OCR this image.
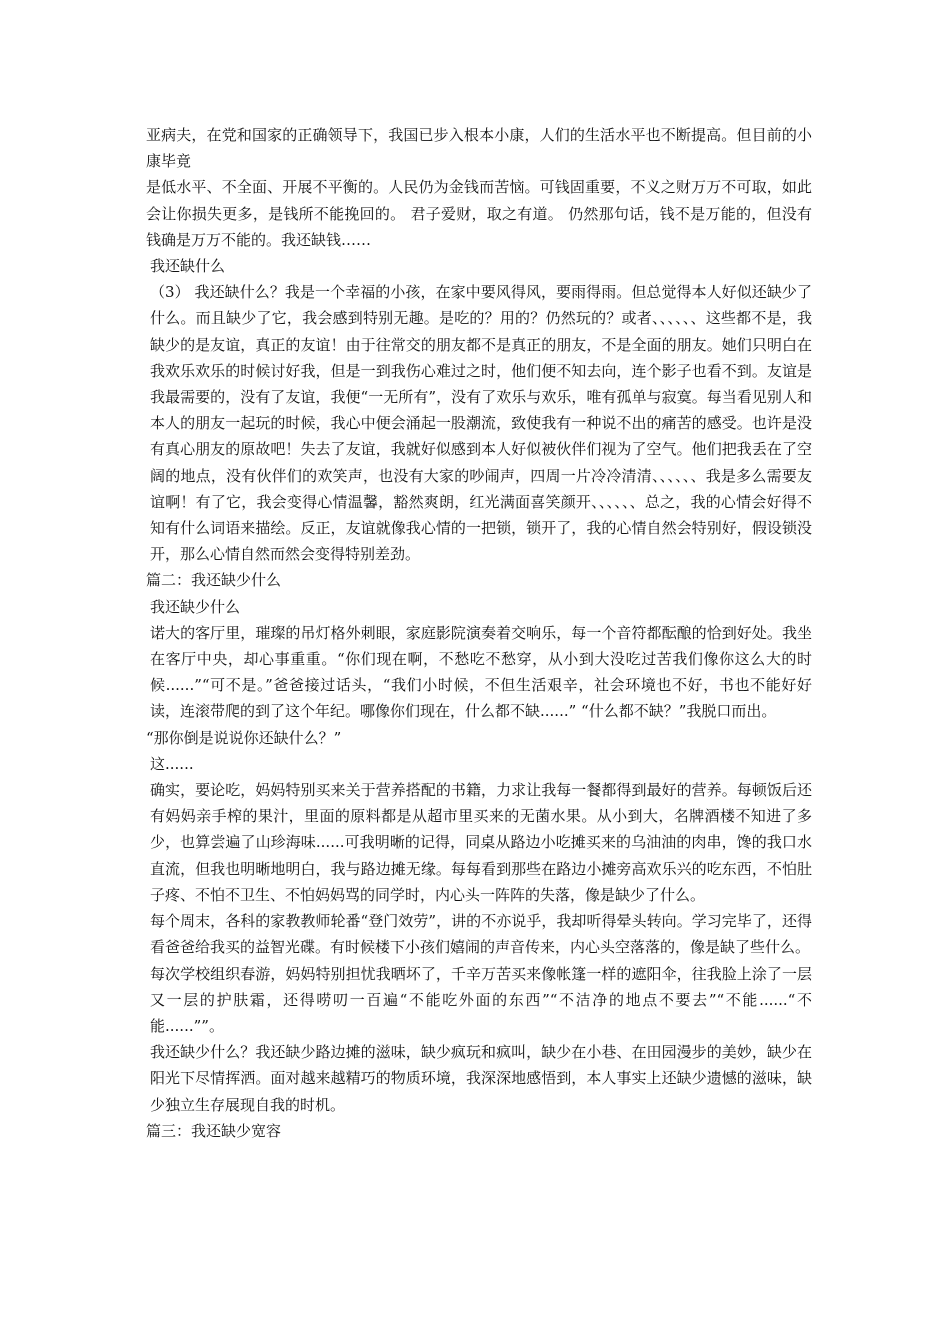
亚病夫，在党和国家的正确领导下，我国已步入根本小康，人们的生活水平也不断提高。但目前的小康毕竟

是低水平、不全面、开展不平衡的。人民仍为金钱而苦恼。可钱固重要，不义之财万万不可取，如此会让你损失更多，是钱所不能挽回的。 君子爱财，取之有道。 仍然那句话，钱不是万能的，但没有钱确是万万不能的。我还缺钱……

我还缺什么

（3） 我还缺什么？我是一个幸福的小孩，在家中要风得风，要雨得雨。但总觉得本人好似还缺少了什么。而且缺少了它，我会感到特别无趣。是吃的？用的？仍然玩的？或者、、、、、、这些都不是，我缺少的是友谊，真正的友谊！由于往常交的朋友都不是真正的朋友，不是全面的朋友。她们只明白在我欢乐欢乐的时候讨好我，但是一到我伤心难过之时，他们便不知去向，连个影子也看不到。友谊是我最需要的，没有了友谊，我便“一无所有”，没有了欢乐与欢乐，唯有孤单与寂寞。每当看见别人和本人的朋友一起玩的时候，我心中便会涌起一股潮流，致使我有一种说不出的痛苦的感受。也许是没有真心朋友的原故吧！失去了友谊，我就好似感到本人好似被伙伴们视为了空气。他们把我丢在了空阔的地点，没有伙伴们的欢笑声，也没有大家的吵闹声，四周一片冷冷清清、、、、、、我是多么需要友谊啊！有了它，我会变得心情温馨，豁然爽朗，红光满面喜笑颜开、、、、、、总之，我的心情会好得不知有什么词语来描绘。反正，友谊就像我心情的一把锁，锁开了，我的心情自然会特别好，假设锁没开，那么心情自然而然会变得特别差劲。

篇二：我还缺少什么

我还缺少什么

诺大的客厅里，璀璨的吊灯格外刺眼，家庭影院演奏着交响乐，每一个音符都酝酿的恰到好处。我坐在客厅中央，却心事重重。“你们现在啊，不愁吃不愁穿，从小到大没吃过苦我们像你这么大的时候......”“可不是。”爸爸接过话头，“我们小时候，不但生活艰辛，社会环境也不好，书也不能好好读，连滚带爬的到了这个年纪。哪像你们现在，什么都不缺......” “什么都不缺？”我脱口而出。

“那你倒是说说你还缺什么？”

这......

确实，要论吃，妈妈特别买来关于营养搭配的书籍，力求让我每一餐都得到最好的营养。每顿饭后还有妈妈亲手榨的果汁，里面的原料都是从超市里买来的无菌水果。从小到大，名牌酒楼不知进了多少，也算尝遍了山珍海味......可我明晰的记得，同桌从路边小吃摊买来的乌油油的肉串，馋的我口水直流，但我也明晰地明白，我与路边摊无缘。每每看到那些在路边小摊旁高欢乐兴的吃东西，不怕肚子疼、不怕不卫生、不怕妈妈骂的同学时，内心头一阵阵的失落，像是缺少了什么。

每个周末，各科的家教教师轮番“登门效劳”，讲的不亦说乎，我却听得晕头转向。学习完毕了，还得看爸爸给我买的益智光碟。有时候楼下小孩们嬉闹的声音传来，内心头空落落的，像是缺了些什么。

每次学校组织春游，妈妈特别担忧我晒坏了，千辛万苦买来像帐篷一样的遮阳伞，往我脸上涂了一层又一层的护肤霜，还得唠叨一百遍“不能吃外面的东西”“不洁净的地点不要去”“不能......“不能......””。

我还缺少什么？我还缺少路边摊的滋味，缺少疯玩和疯叫，缺少在小巷、在田园漫步的美妙，缺少在阳光下尽情挥洒。面对越来越精巧的物质环境，我深深地感悟到，本人事实上还缺少遗憾的滋味，缺少独立生存展现自我的时机。

篇三：我还缺少宽容
